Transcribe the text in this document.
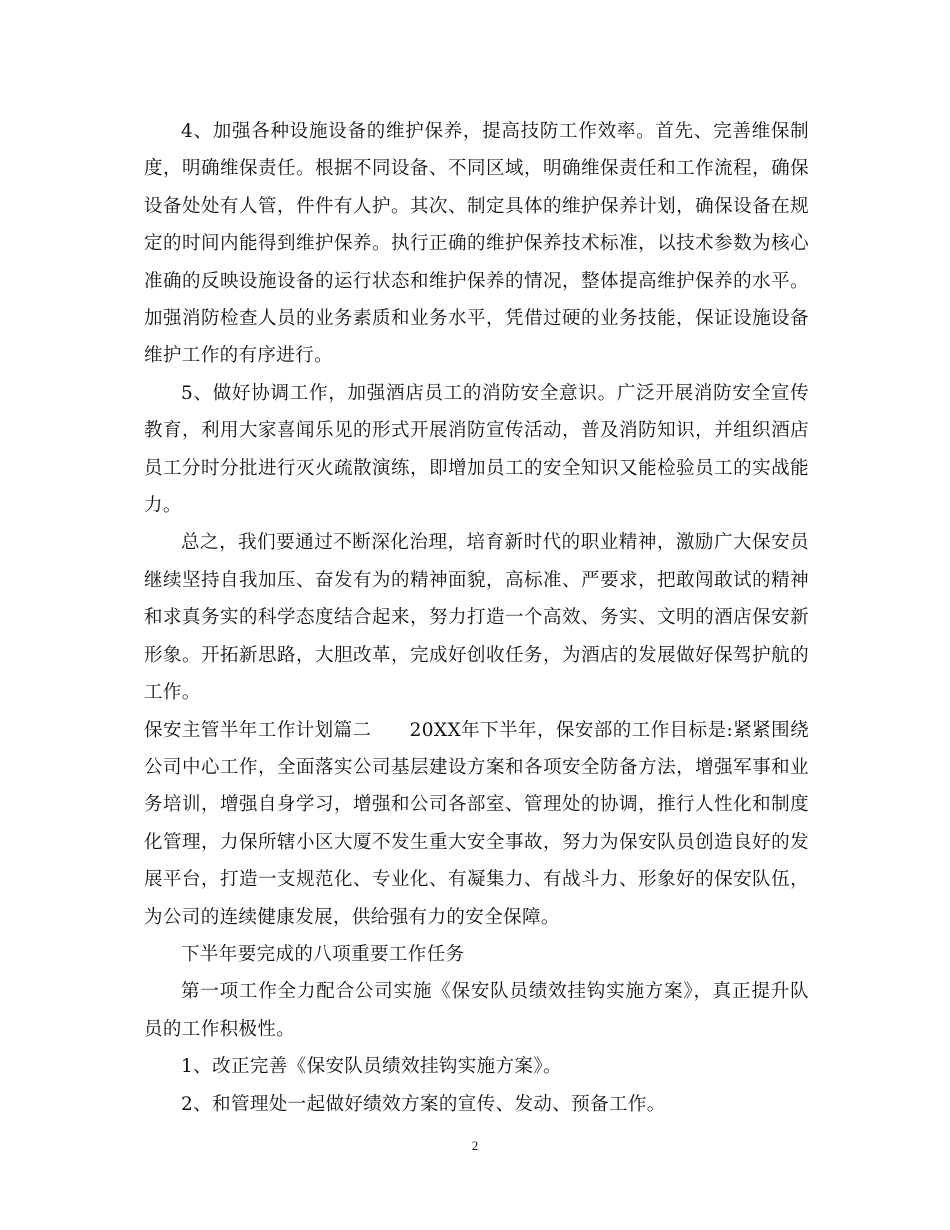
4、加强各种设施设备的维护保养，提高技防工作效率。首先、完善维保制度，明确维保责任。根据不同设备、不同区域，明确维保责任和工作流程，确保设备处处有人管，件件有人护。其次、制定具体的维护保养计划，确保设备在规定的时间内能得到维护保养。执行正确的维护保养技术标准，以技术参数为核心准确的反映设施设备的运行状态和维护保养的情况，整体提高维护保养的水平。加强消防检查人员的业务素质和业务水平，凭借过硬的业务技能，保证设施设备维护工作的有序进行。

5、做好协调工作，加强酒店员工的消防安全意识。广泛开展消防安全宣传教育，利用大家喜闻乐见的形式开展消防宣传活动，普及消防知识，并组织酒店员工分时分批进行灭火疏散演练，即增加员工的安全知识又能检验员工的实战能力。

总之，我们要通过不断深化治理，培育新时代的职业精神，激励广大保安员继续坚持自我加压、奋发有为的精神面貌，高标准、严要求，把敢闯敢试的精神和求真务实的科学态度结合起来，努力打造一个高效、务实、文明的酒店保安新形象。开拓新思路，大胆改革，完成好创收任务，为酒店的发展做好保驾护航的工作。

保安主管半年工作计划篇二 20XX年下半年，保安部的工作目标是:紧紧围绕公司中心工作，全面落实公司基层建设方案和各项安全防备方法，增强军事和业务培训，增强自身学习，增强和公司各部室、管理处的协调，推行人性化和制度化管理，力保所辖小区大厦不发生重大安全事故，努力为保安队员创造良好的发展平台，打造一支规范化、专业化、有凝集力、有战斗力、形象好的保安队伍，为公司的连续健康发展，供给强有力的安全保障。

下半年要完成的八项重要工作任务

第一项工作全力配合公司实施《保安队员绩效挂钩实施方案》，真正提升队员的工作积极性。

1、改正完善《保安队员绩效挂钩实施方案》。

2、和管理处一起做好绩效方案的宣传、发动、预备工作。

2
